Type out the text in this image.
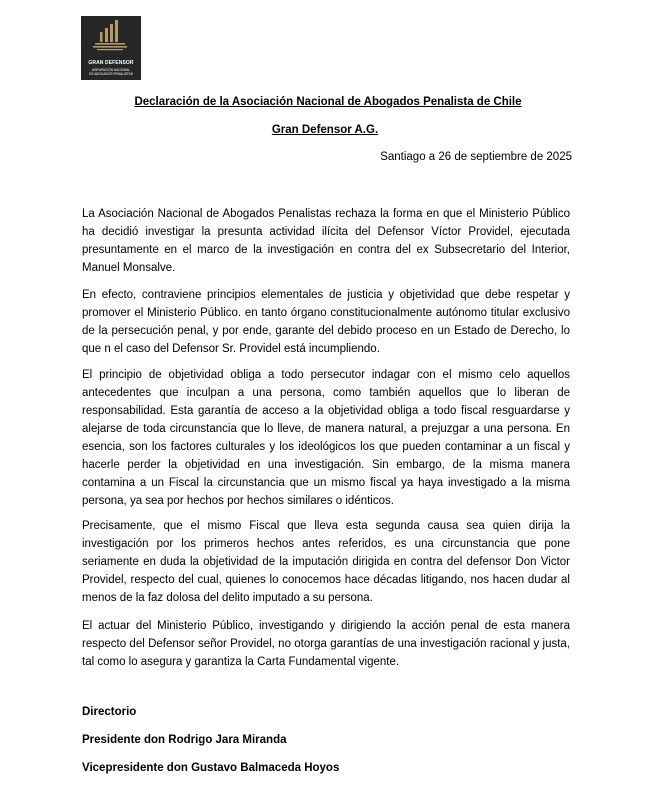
GRAN DEFENSOR
AGRUPACIÓN NACIONAL
DE ABOGADOS PENALISTAS
Declaración de la Asociación Nacional de Abogados Penalista de Chile
Gran Defensor A.G.
Santiago a 26 de septiembre de 2025

La Asociación Nacional de Abogados Penalistas rechaza la forma en que el Ministerio Público ha decidió investigar la presunta actividad ilícita del Defensor Víctor Providel, ejecutada presuntamente en el marco de la investigación en contra del ex Subsecretario del Interior, Manuel Monsalve.

En efecto, contraviene principios elementales de justicia y objetividad que debe respetar y promover el Ministerio Público. en tanto órgano constitucionalmente autónomo titular exclusivo de la persecución penal, y por ende, garante del debido proceso en un Estado de Derecho, lo que n el caso del Defensor Sr. Providel está incumpliendo.

El principio de objetividad obliga a todo persecutor indagar con el mismo celo aquellos antecedentes que inculpan a una persona, como también aquellos que lo liberan de responsabilidad. Esta garantía de acceso a la objetividad obliga a todo fiscal resguardarse y alejarse de toda circunstancia que lo lleve, de manera natural, a prejuzgar a una persona. En esencia, son los factores culturales y los ideológicos los que pueden contaminar a un fiscal y hacerle perder la objetividad en una investigación. Sin embargo, de la misma manera contamina a un Fiscal la circunstancia que un mismo fiscal ya haya investigado a la misma persona, ya sea por hechos por hechos similares o idénticos.

Precisamente, que el mismo Fiscal que lleva esta segunda causa sea quien dirija la investigación por los primeros hechos antes referidos, es una circunstancia que pone seriamente en duda la objetividad de la imputación dirigida en contra del defensor Don Victor Providel, respecto del cual, quienes lo conocemos hace décadas litigando, nos hacen dudar al menos de la faz dolosa del delito imputado a su persona.

El actuar del Ministerio Público, investigando y dirigiendo la acción penal de esta manera respecto del Defensor señor Providel, no otorga garantías de una investigación racional y justa, tal como lo asegura y garantiza la Carta Fundamental vigente.

Directorio
Presidente don Rodrigo Jara Miranda
Vicepresidente don Gustavo Balmaceda Hoyos
